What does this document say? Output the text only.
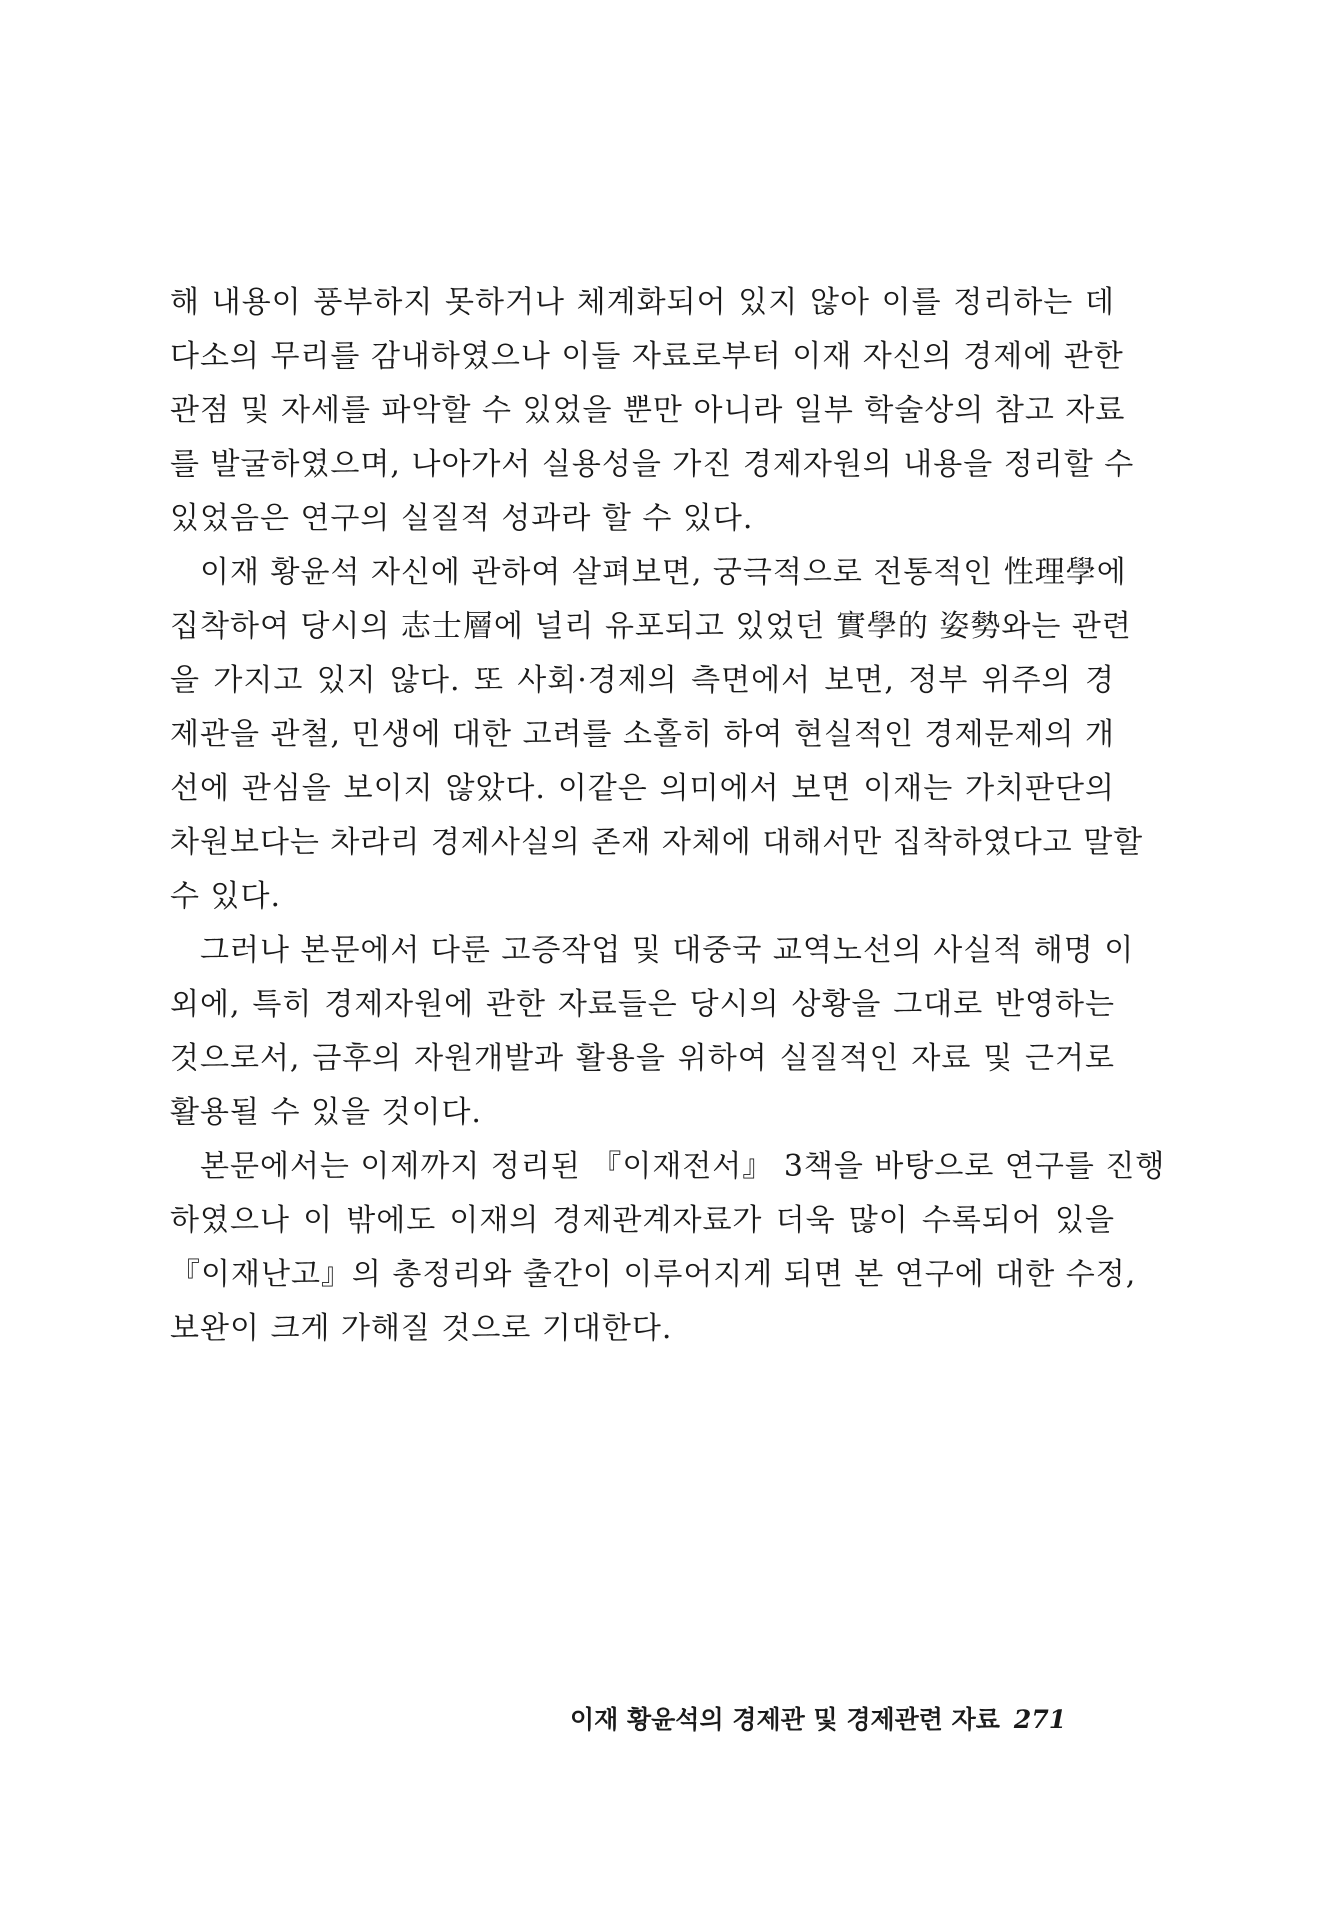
해 내용이 풍부하지 못하거나 체계화되어 있지 않아 이를 정리하는 데
다소의 무리를 감내하였으나 이들 자료로부터 이재 자신의 경제에 관한
관점 및 자세를 파악할 수 있었을 뿐만 아니라 일부 학술상의 참고 자료
를 발굴하였으며, 나아가서 실용성을 가진 경제자원의 내용을 정리할 수
있었음은 연구의 실질적 성과라 할 수 있다.
이재 황윤석 자신에 관하여 살펴보면, 궁극적으로 전통적인 性理學에
집착하여 당시의 志士層에 널리 유포되고 있었던 實學的 姿勢와는 관련
을 가지고 있지 않다. 또 사회·경제의 측면에서 보면, 정부 위주의 경
제관을 관철, 민생에 대한 고려를 소홀히 하여 현실적인 경제문제의 개
선에 관심을 보이지 않았다. 이같은 의미에서 보면 이재는 가치판단의
차원보다는 차라리 경제사실의 존재 자체에 대해서만 집착하였다고 말할
수 있다.
그러나 본문에서 다룬 고증작업 및 대중국 교역노선의 사실적 해명 이
외에, 특히 경제자원에 관한 자료들은 당시의 상황을 그대로 반영하는
것으로서, 금후의 자원개발과 활용을 위하여 실질적인 자료 및 근거로
활용될 수 있을 것이다.
본문에서는 이제까지 정리된 『이재전서』 3책을 바탕으로 연구를 진행
하였으나 이 밖에도 이재의 경제관계자료가 더욱 많이 수록되어 있을
『이재난고』의 총정리와 출간이 이루어지게 되면 본 연구에 대한 수정,
보완이 크게 가해질 것으로 기대한다.
이재 황윤석의 경제관 및 경제관련 자료 271
